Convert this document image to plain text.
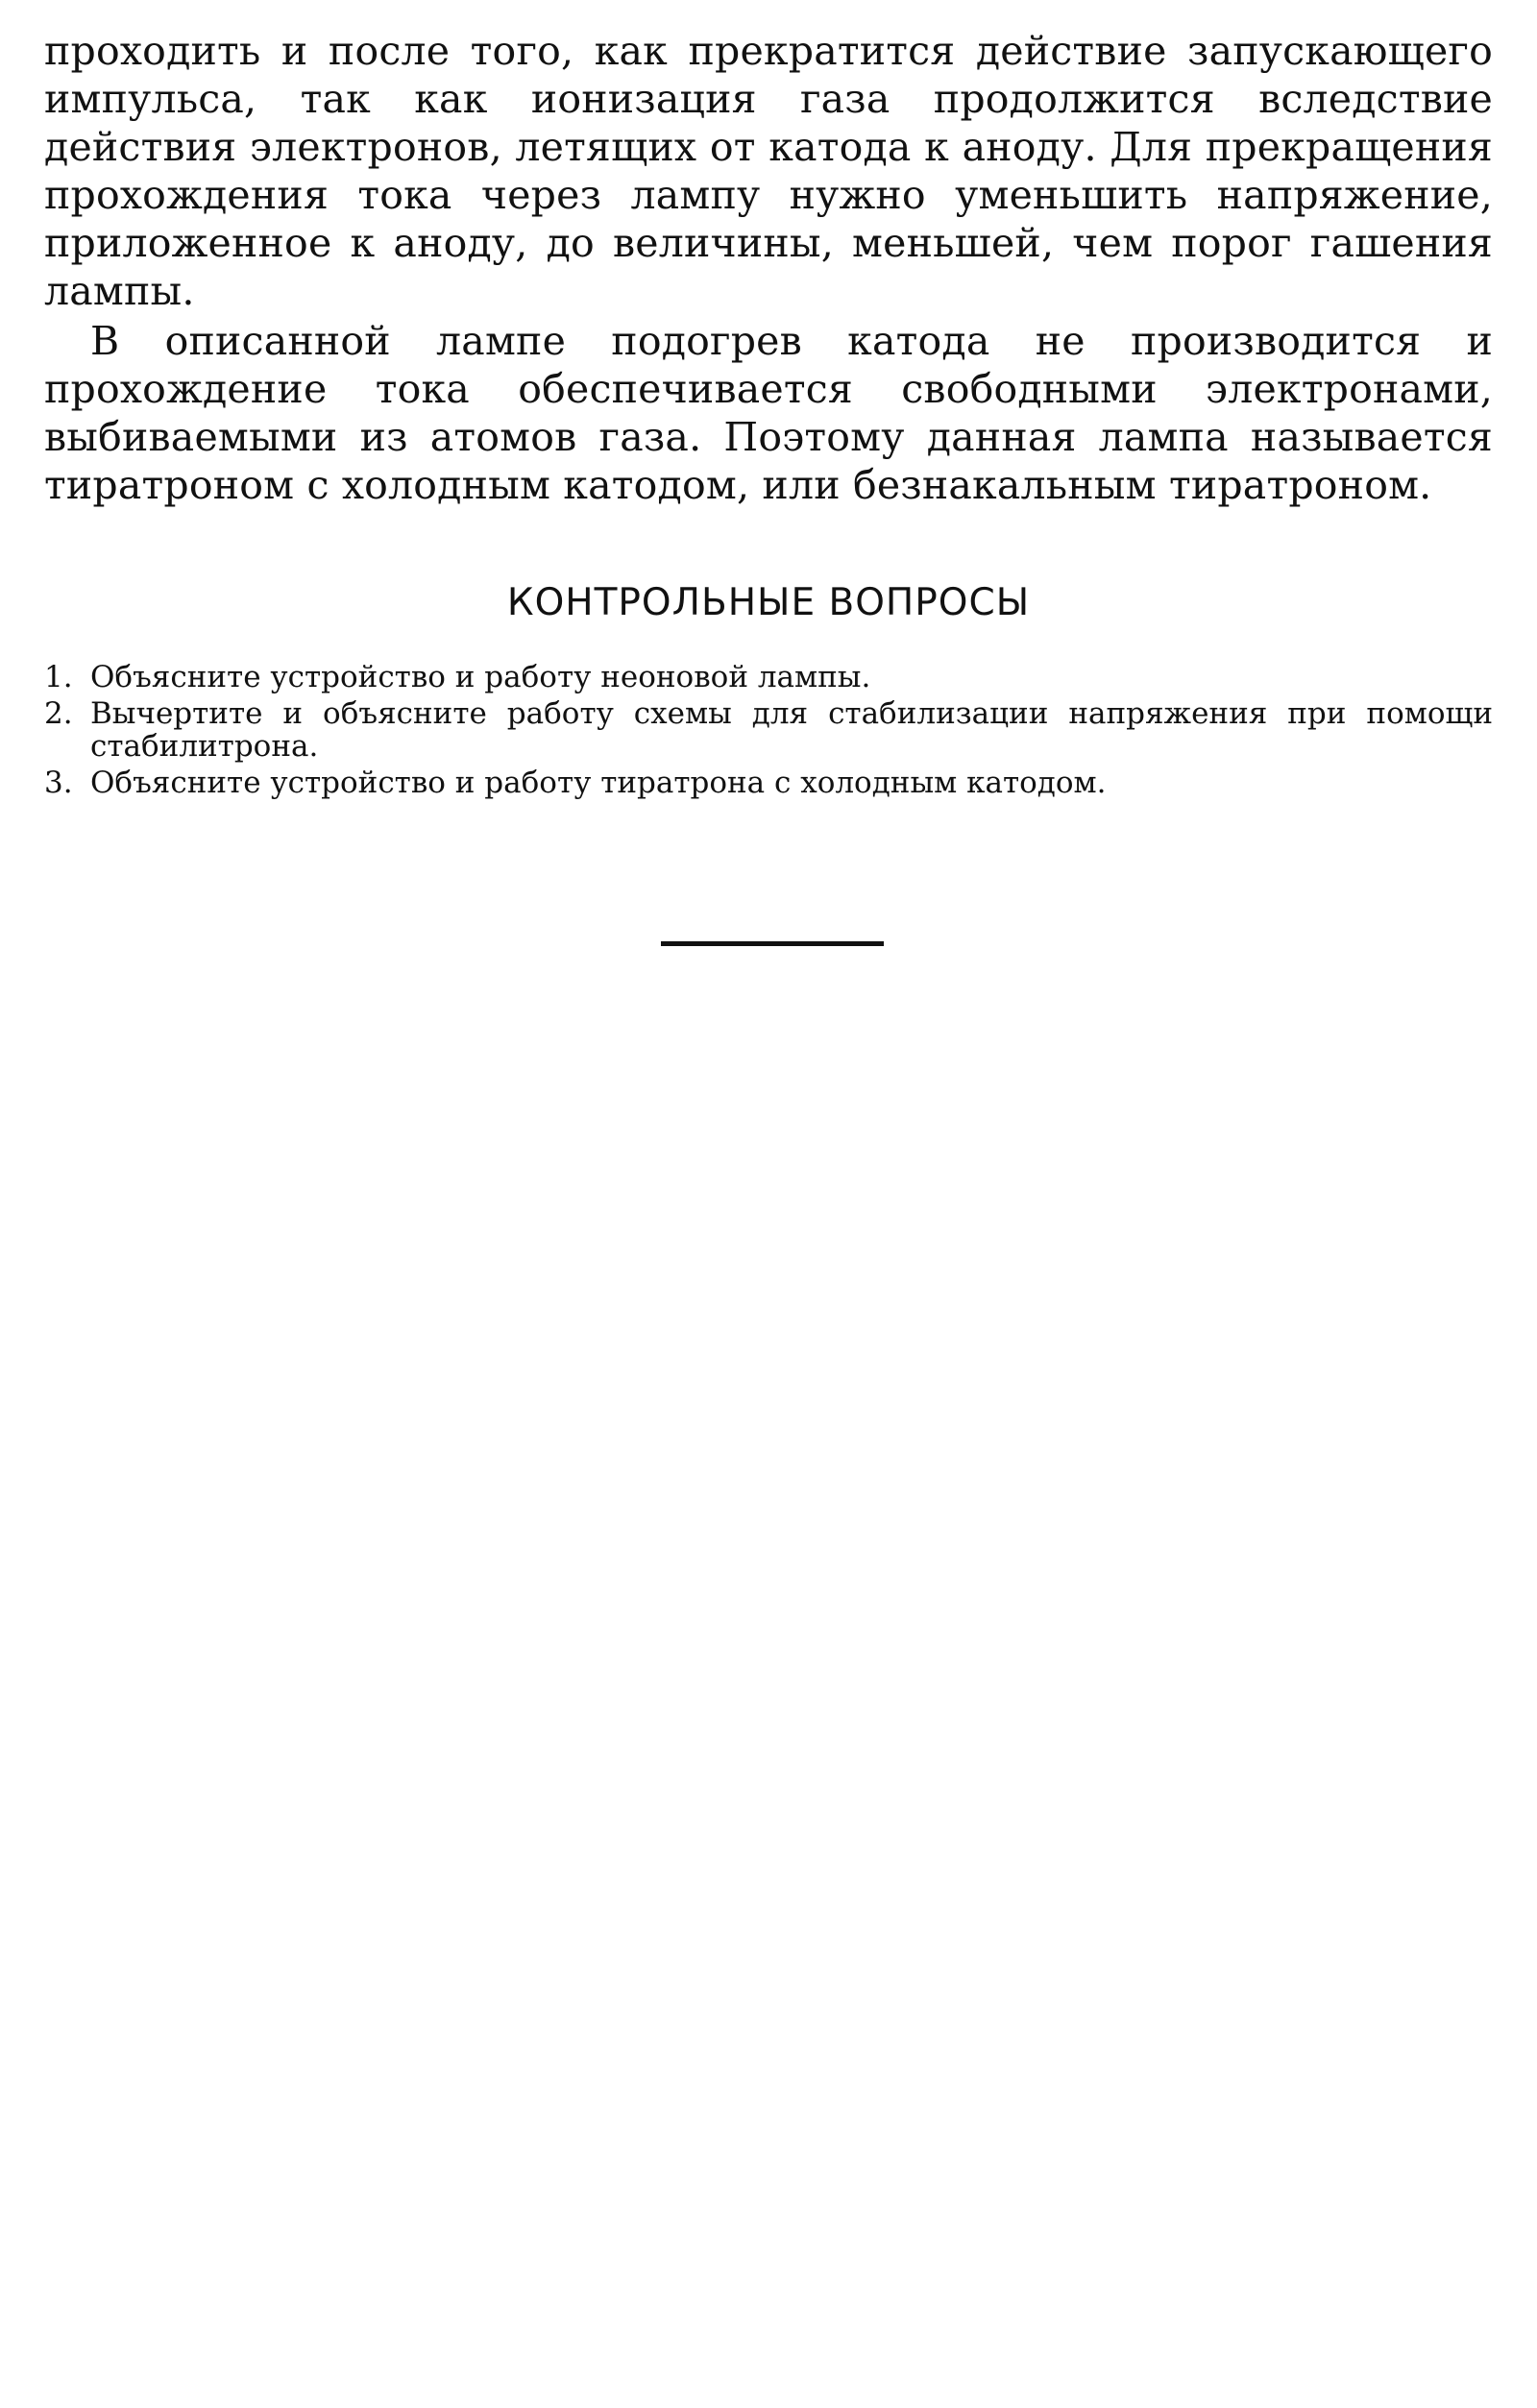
проходить и после того, как прекратится действие запускающего импульса, так как ионизация газа продолжится вследствие действия электронов, летящих от катода к аноду. Для прекращения прохождения тока через лампу нужно уменьшить напряжение, приложенное к аноду, до величины, меньшей, чем порог гашения лампы.

В описанной лампе подогрев катода не производится и прохождение тока обеспечивается свободными электронами, выбиваемыми из атомов газа. Поэтому данная лампа называется тиратроном с холодным катодом, или безнакальным тиратроном.

КОНТРОЛЬНЫЕ ВОПРОСЫ
1. Объясните устройство и работу неоновой лампы.
2. Вычертите и объясните работу схемы для стабилизации напряжения при помощи стабилитрона.
3. Объясните устройство и работу тиратрона с холодным катодом.
